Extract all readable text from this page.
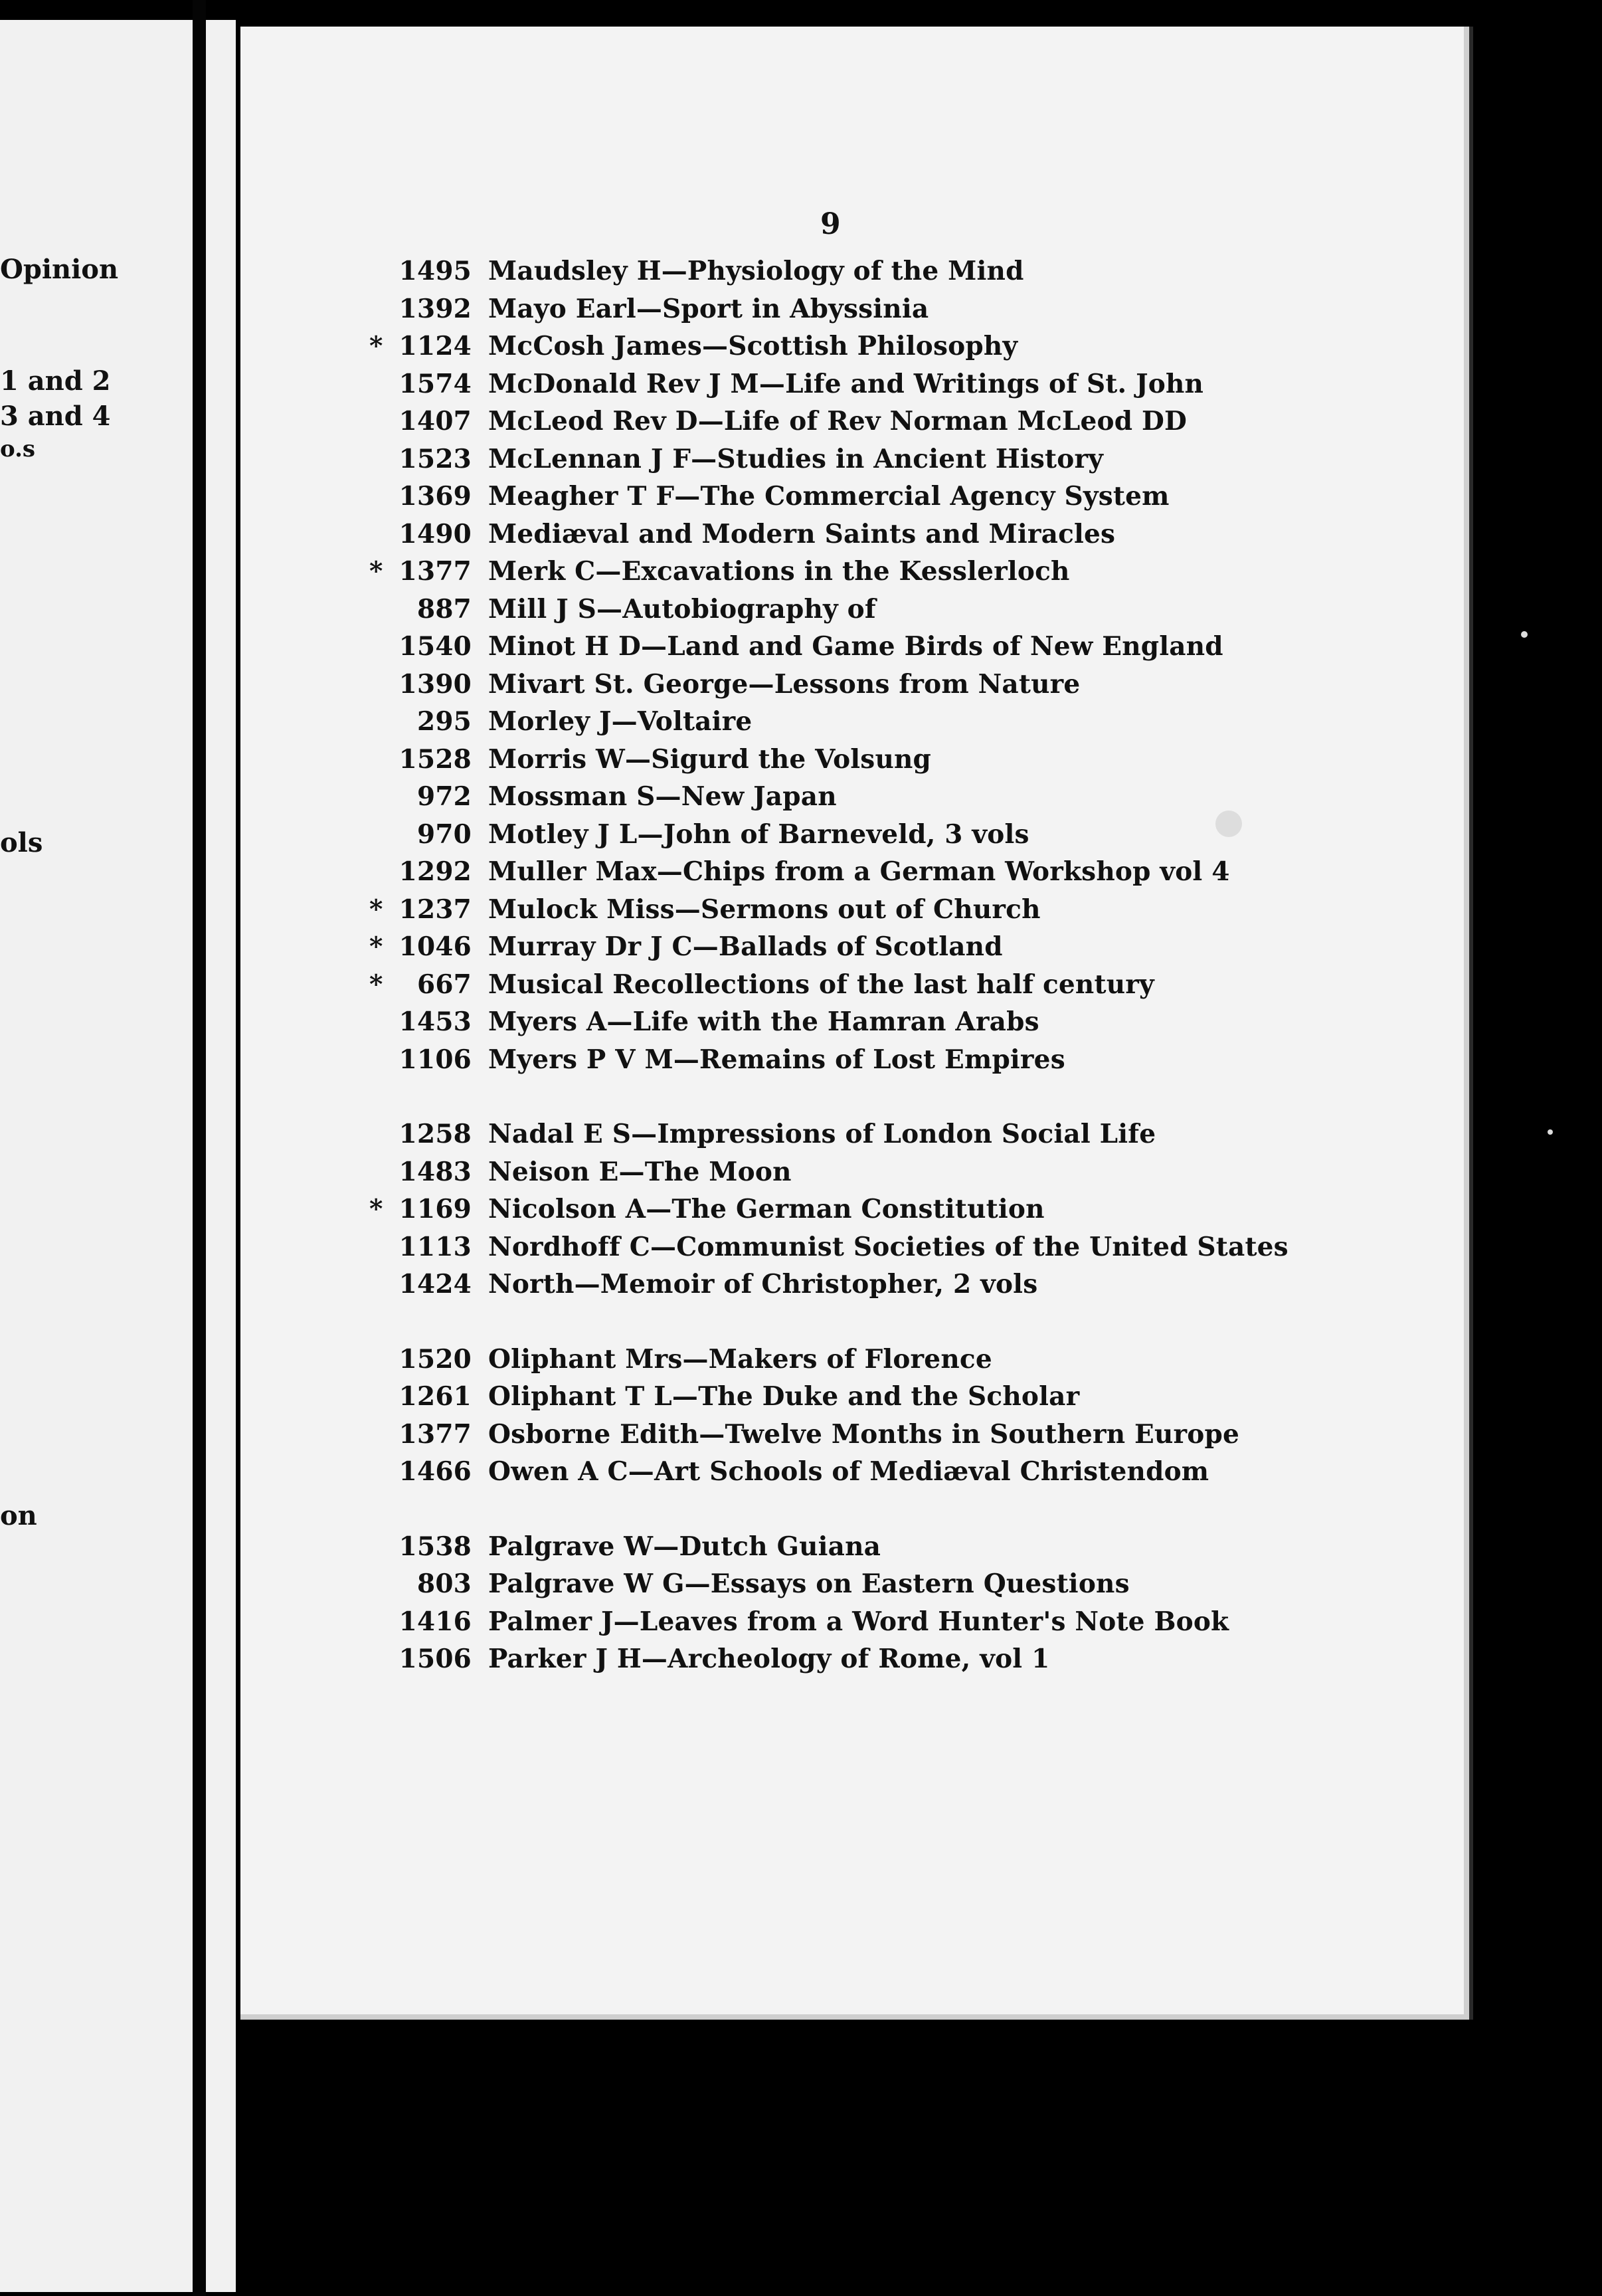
Opinion
1 and 2
3 and 4
o.s
ols
on
9
1495 Maudsley H—Physiology of the Mind
1392 Mayo Earl—Sport in Abyssinia
* 1124 McCosh James—Scottish Philosophy
1574 McDonald Rev J M—Life and Writings of St. John
1407 McLeod Rev D—Life of Rev Norman McLeod DD
1523 McLennan J F—Studies in Ancient History
1369 Meagher T F—The Commercial Agency System
1490 Mediæval and Modern Saints and Miracles
* 1377 Merk C—Excavations in the Kesslerloch
887 Mill J S—Autobiography of
1540 Minot H D—Land and Game Birds of New England
1390 Mivart St. George—Lessons from Nature
295 Morley J—Voltaire
1528 Morris W—Sigurd the Volsung
972 Mossman S—New Japan
970 Motley J L—John of Barneveld, 3 vols
1292 Muller Max—Chips from a German Workshop vol 4
* 1237 Mulock Miss—Sermons out of Church
* 1046 Murray Dr J C—Ballads of Scotland
*	667 Musical Recollections of the last half century
1453 Myers A—Life with the Hamran Arabs
1106 Myers P V M—Remains of Lost Empires
1258 Nadal E S—Impressions of London Social Life
1483 Neison E—The Moon
* 1169 Nicolson A—The German Constitution
1113 Nordhoff C—Communist Societies of the United States
1424 North—Memoir of Christopher, 2 vols
1520 Oliphant Mrs—Makers of Florence
1261 Oliphant T L—The Duke and the Scholar
1377 Osborne Edith—Twelve Months in Southern Europe
1466 Owen A C—Art Schools of Mediæval Christendom
1538 Palgrave W—Dutch Guiana
803 Palgrave W G—Essays on Eastern Questions
1416 Palmer J—Leaves from a Word Hunter's Note Book
1506 Parker J H—Archeology of Rome, vol 1
